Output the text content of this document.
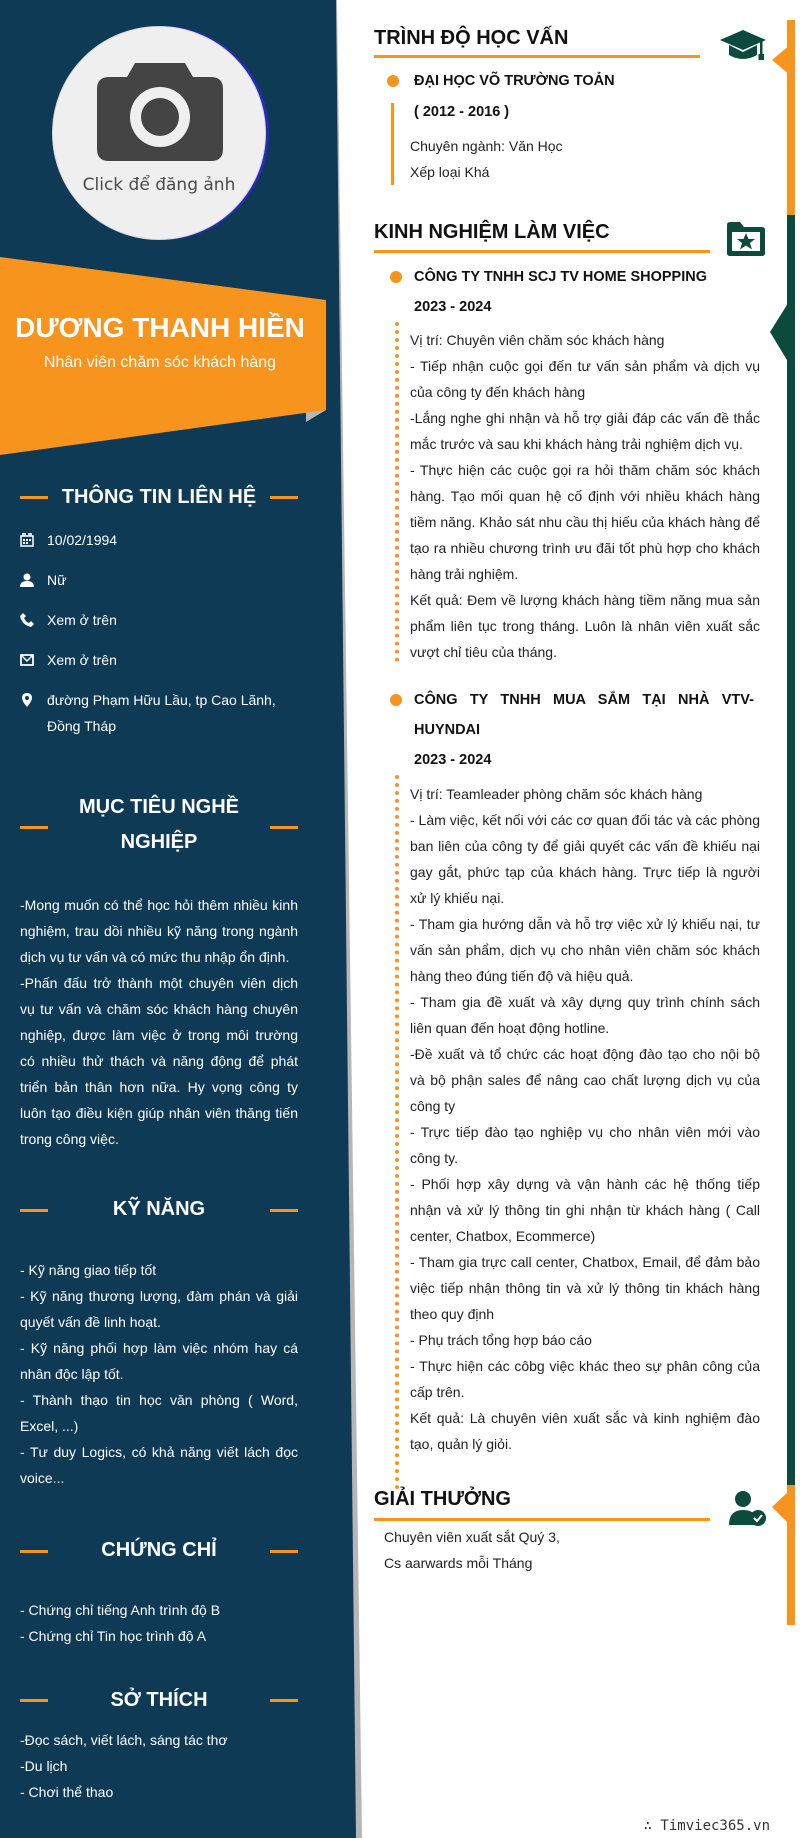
Click để đăng ảnh
DƯƠNG THANH HIỀN
Nhân viên chăm sóc khách hàng
THÔNG TIN LIÊN HỆ
10/02/1994
Nữ
Xem ở trên
Xem ở trên
đường Phạm Hữu Lầu, tp Cao Lãnh, Đồng Tháp
MỤC TIÊU NGHỀ NGHIỆP
-Mong muốn có thể học hỏi thêm nhiều kinh nghiệm, trau dồi nhiều kỹ năng trong ngành dịch vụ tư vấn và có mức thu nhập ổn định.
-Phấn đấu trở thành một chuyên viên dịch vụ tư vấn và chăm sóc khách hàng chuyên nghiệp, được làm việc ở trong môi trường có nhiều thử thách và năng động để phát triển bản thân hơn nữa. Hy vọng công ty luôn tạo điều kiện giúp nhân viên thăng tiến trong công việc.
KỸ NĂNG
- Kỹ năng giao tiếp tốt
- Kỹ năng thương lượng, đàm phán và giải quyết vấn đề linh hoạt.
- Kỹ năng phối hợp làm việc nhóm hay cá nhân độc lập tốt.
- Thành thạo tin học văn phòng ( Word, Excel, ...)
- Tư duy Logics, có khả năng viết lách đọc voice...
CHỨNG CHỈ
- Chứng chỉ tiếng Anh trình độ B
- Chứng chỉ Tin học trình độ A
SỞ THÍCH
-Đọc sách, viết lách, sáng tác thơ
-Du lịch
- Chơi thể thao
TRÌNH ĐỘ HỌC VẤN
ĐẠI HỌC VÕ TRƯỜNG TOẢN
( 2012 - 2016 )
Chuyên ngành: Văn Học
Xếp loại Khá
KINH NGHIỆM LÀM VIỆC
CÔNG TY TNHH SCJ TV HOME SHOPPING
2023 - 2024
Vị trí: Chuyên viên chăm sóc khách hàng
- Tiếp nhận cuộc gọi đến tư vấn sản phẩm và dịch vụ của công ty đến khách hàng
-Lắng nghe ghi nhận và hỗ trợ giải đáp các vấn đề thắc mắc trước và sau khi khách hàng trải nghiệm dịch vụ.
- Thực hiện các cuộc gọi ra hỏi thăm chăm sóc khách hàng. Tạo mối quan hệ cố định với nhiều khách hàng tiềm năng. Khảo sát nhu cầu thị hiếu của khách hàng để tạo ra nhiều chương trình ưu đãi tốt phù hợp cho khách hàng trải nghiệm.
Kết quả: Đem về lượng khách hàng tiềm năng mua sản phẩm liên tục trong tháng. Luôn là nhân viên xuất sắc vượt chỉ tiêu của tháng.
CÔNG TY TNHH MUA SẮM TẠI NHÀ VTV-HUYNDAI
2023 - 2024
Vị trí: Teamleader phòng chăm sóc khách hàng
- Làm việc, kết nối với các cơ quan đối tác và các phòng ban liên của công ty để giải quyết các vấn đề khiếu nại gay gắt, phức tạp của khách hàng. Trực tiếp là người xử lý khiếu nại.
- Tham gia hướng dẫn và hỗ trợ việc xử lý khiếu nại, tư vấn sản phẩm, dịch vụ cho nhân viên chăm sóc khách hàng theo đúng tiến độ và hiệu quả.
- Tham gia đề xuất và xây dựng quy trình chính sách liên quan đến hoạt động hotline.
-Đề xuất và tổ chức các hoạt động đào tạo cho nội bộ và bộ phận sales để nâng cao chất lượng dịch vụ của công ty
- Trực tiếp đào tạo nghiệp vụ cho nhân viên mới vào công ty.
- Phối hợp xây dựng và vận hành các hệ thống tiếp nhận và xử lý thông tin ghi nhận từ khách hàng ( Call center, Chatbox, Ecommerce)
- Tham gia trực call center, Chatbox, Email, để đảm bảo việc tiếp nhận thông tin và xử lý thông tin khách hàng theo quy định
- Phụ trách tổng hợp báo cáo
- Thực hiện các côbg việc khác theo sự phân công của cấp trên.
Kết quả: Là chuyên viên xuất sắc và kinh nghiệm đào tạo, quản lý giỏi.
GIẢI THƯỞNG
Chuyên viên xuất sắt Quý 3,
Cs aarwards mỗi Tháng
∴ Timviec365.vn
